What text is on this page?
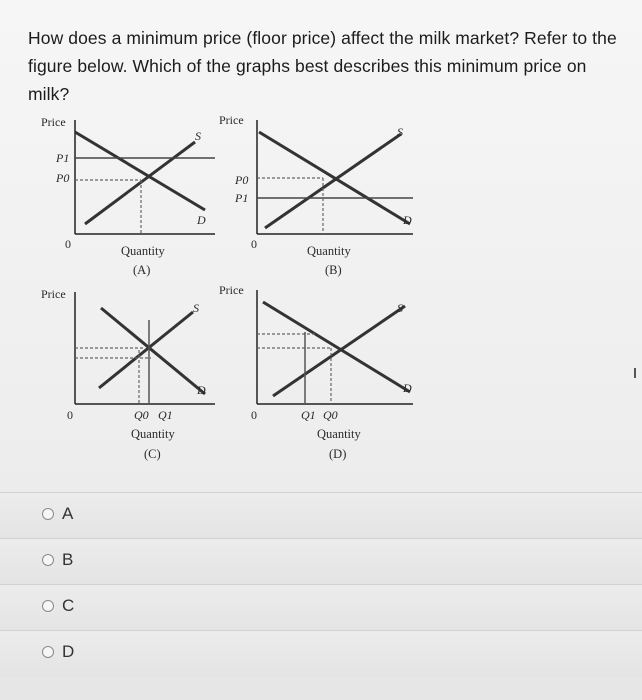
How does a minimum price (floor price) affect the milk market? Refer to the figure below. Which of the graphs best describes this minimum price on milk?
Price
P1
P0
S
D
0	Quantity
(A)
Price
P0
P1
S
D
0	Quantity
(B)
Price
S
D
0	Q0 Q1
Quantity
(C)
Price
S
D
0	Q1 Q0
Quantity
(D)
A
B
C
D
